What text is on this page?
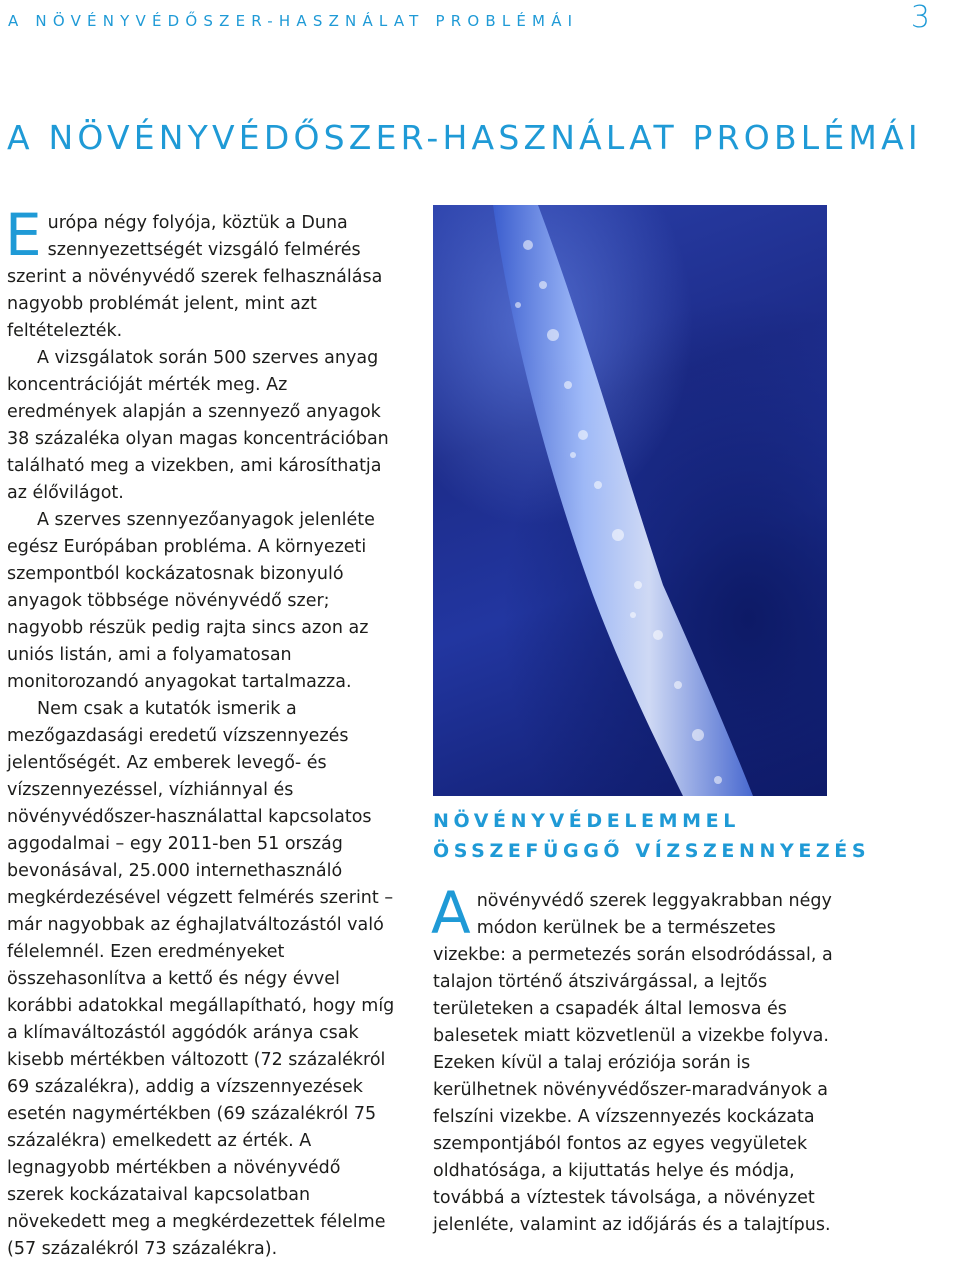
A NÖVÉNYVÉDŐSZER-HASZNÁLAT PROBLÉMÁI	3
A NÖVÉNYVÉDŐSZER-HASZNÁLAT PROBLÉMÁI

Európa négy folyója, köztük a Duna szennyezettségét vizsgáló felmérés szerint a növényvédő szerek felhasználása nagyobb problémát jelent, mint azt feltételezték.

A vizsgálatok során 500 szerves anyag koncentrációját mérték meg. Az eredmények alapján a szennyező anyagok 38 százaléka olyan magas koncentrációban található meg a vizekben, ami károsíthatja az élővilágot.

A szerves szennyezőanyagok jelenléte egész Európában probléma. A környezeti szempontból kockázatosnak bizonyuló anyagok többsége növényvédő szer; nagyobb részük pedig rajta sincs azon az uniós listán, ami a folyamatosan monitorozandó anyagokat tartalmazza.

Nem csak a kutatók ismerik a mezőgazdasági eredetű vízszennyezés jelentőségét. Az emberek levegő- és vízszennyezéssel, vízhiánnyal és növényvédőszer-használattal kapcsolatos aggodalmai – egy 2011-ben 51 ország bevonásával, 25.000 internethasználó megkérdezésével végzett felmérés szerint – már nagyobbak az éghajlatváltozástól való félelemnél. Ezen eredményeket összehasonlítva a kettő és négy évvel korábbi adatokkal megállapítható, hogy míg a klímaváltozástól aggódók aránya csak kisebb mértékben változott (72 százalékról 69 százalékra), addig a vízszennyezések esetén nagymértékben (69 százalékról 75 százalékra) emelkedett az érték. A legnagyobb mértékben a növényvédő szerek kockázataival kapcsolatban növekedett meg a megkérdezettek félelme (57 százalékról 73 százalékra).

NÖVÉNYVÉDELEMMEL
ÖSSZEFÜGGŐ VÍZSZENNYEZÉS

Anövényvédő szerek leggyakrabban négy módon kerülnek be a természetes vizekbe: a permetezés során elsodródással, a talajon történő átszivárgással, a lejtős területeken a csapadék által lemosva és balesetek miatt közvetlenül a vizekbe folyva. Ezeken kívül a talaj eróziója során is kerülhetnek növényvédőszer-maradványok a felszíni vizekbe. A vízszennyezés kockázata szempontjából fontos az egyes vegyületek oldhatósága, a kijuttatás helye és módja, továbbá a víztestek távolsága, a növényzet jelenléte, valamint az időjárás és a talajtípus.
